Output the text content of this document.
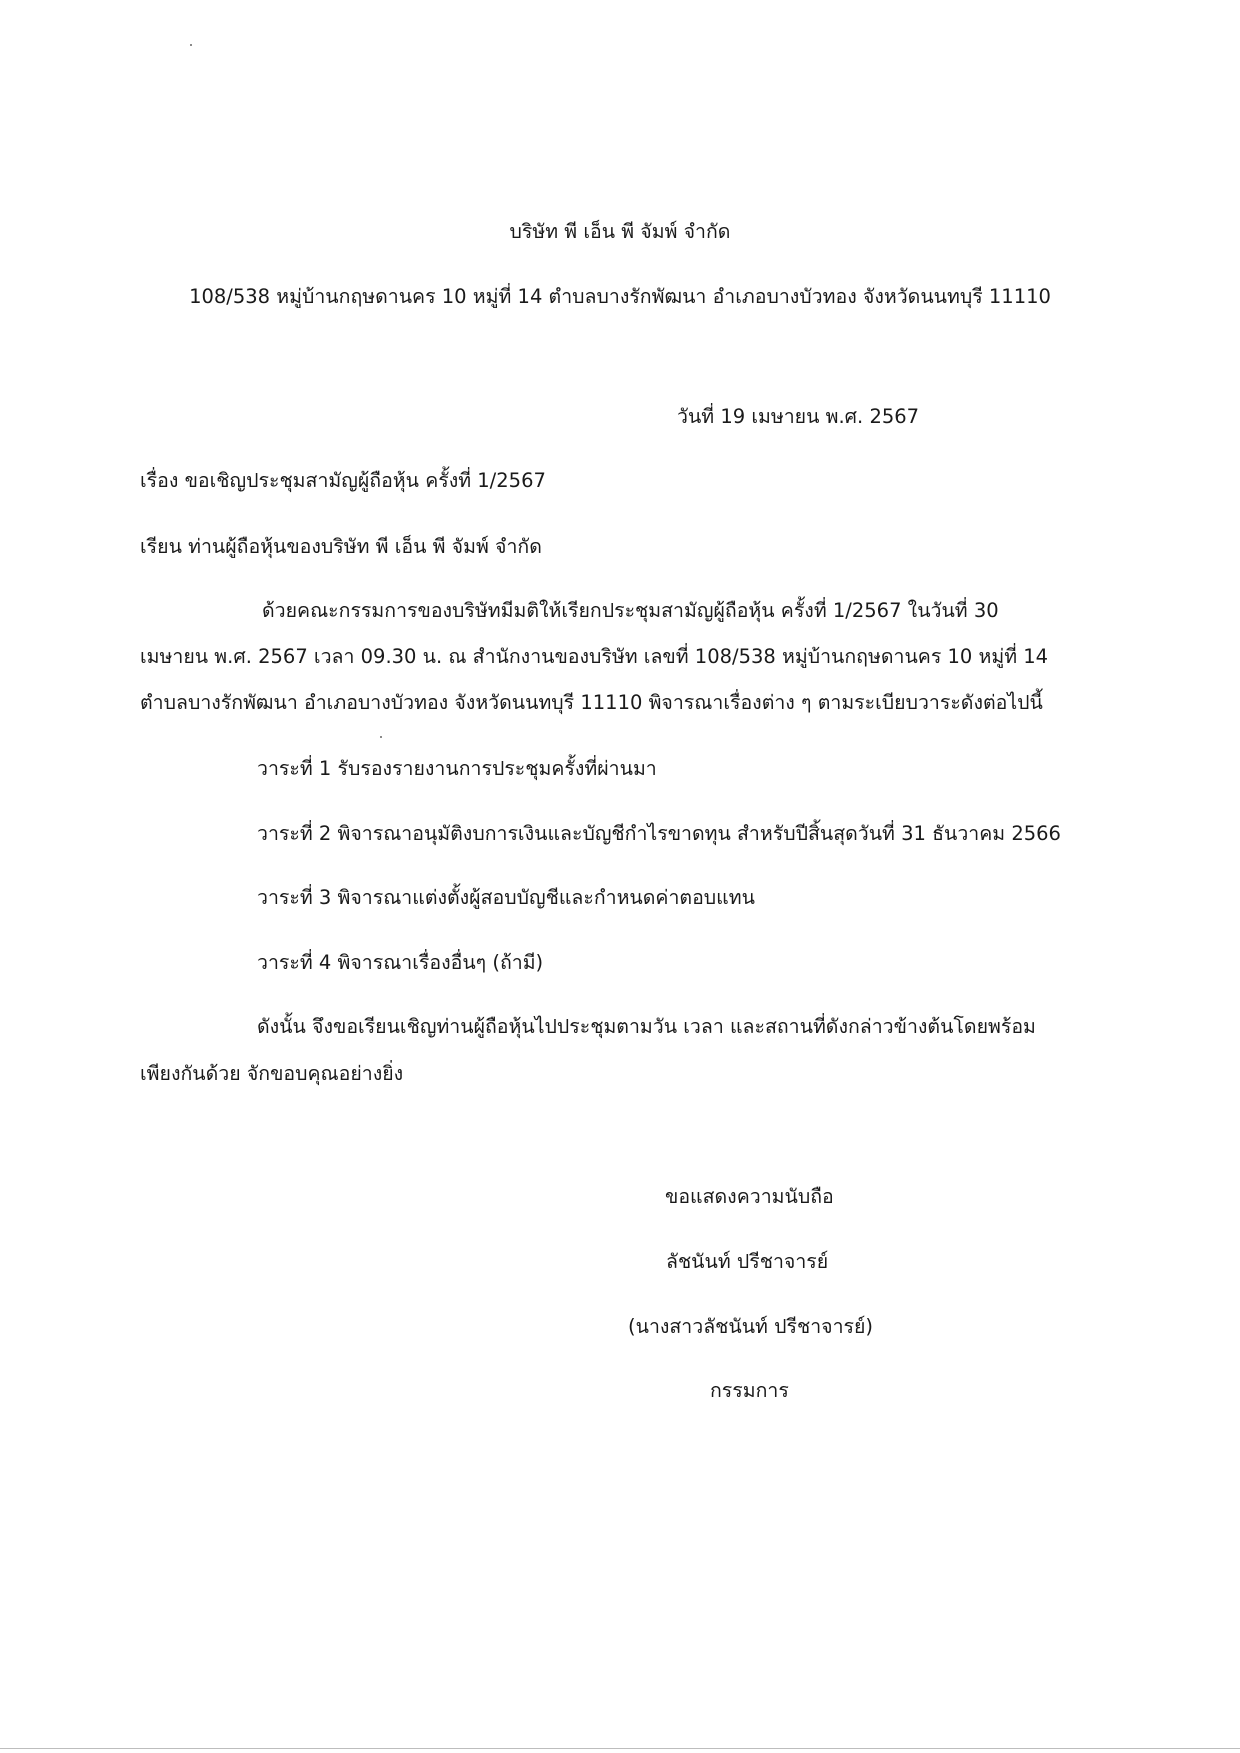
บริษัท พี เอ็น พี จัมพ์ จำกัด
108/538 หมู่บ้านกฤษดานคร 10 หมู่ที่ 14 ตำบลบางรักพัฒนา อำเภอบางบัวทอง จังหวัดนนทบุรี 11110
วันที่ 19 เมษายน พ.ศ. 2567
เรื่อง ขอเชิญประชุมสามัญผู้ถือหุ้น ครั้งที่ 1/2567
เรียน ท่านผู้ถือหุ้นของบริษัท พี เอ็น พี จัมพ์ จำกัด
ด้วยคณะกรรมการของบริษัทมีมติให้เรียกประชุมสามัญผู้ถือหุ้น ครั้งที่ 1/2567 ในวันที่ 30
เมษายน พ.ศ. 2567 เวลา 09.30 น. ณ สำนักงานของบริษัท เลขที่ 108/538 หมู่บ้านกฤษดานคร 10 หมู่ที่ 14
ตำบลบางรักพัฒนา อำเภอบางบัวทอง จังหวัดนนทบุรี 11110 พิจารณาเรื่องต่าง ๆ ตามระเบียบวาระดังต่อไปนี้
วาระที่ 1 รับรองรายงานการประชุมครั้งที่ผ่านมา
วาระที่ 2 พิจารณาอนุมัติงบการเงินและบัญชีกำไรขาดทุน สำหรับปีสิ้นสุดวันที่ 31 ธันวาคม 2566
วาระที่ 3 พิจารณาแต่งตั้งผู้สอบบัญชีและกำหนดค่าตอบแทน
วาระที่ 4 พิจารณาเรื่องอื่นๆ (ถ้ามี)
ดังนั้น จึงขอเรียนเชิญท่านผู้ถือหุ้นไปประชุมตามวัน เวลา และสถานที่ดังกล่าวข้างต้นโดยพร้อม
เพียงกันด้วย จักขอบคุณอย่างยิ่ง
ขอแสดงความนับถือ
ลัชนันท์ ปรีชาจารย์
(นางสาวลัชนันท์ ปรีชาจารย์)
กรรมการ
